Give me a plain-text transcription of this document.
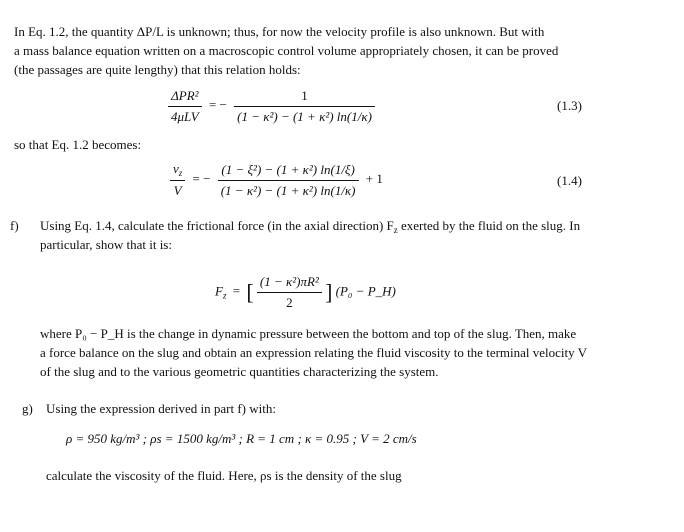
In Eq. 1.2, the quantity ΔP/L is unknown; thus, for now the velocity profile is also unknown. But with
a mass balance equation written on a macroscopic control volume appropriately chosen, it can be proved
(the passages are quite lengthy) that this relation holds:
$\frac{\text{ΔPR²}}{\text{4μLV}}$ = − $\frac{1}{\text{(1 − κ²) − (1 + κ²) ln(1/κ)}}$	(1.3)
so that Eq. 1.2 becomes:
$\frac{v_z}{V}$ = − $\frac{\text{(1 − ξ²) − (1 + κ²) ln(1/ξ)}}{\text{(1 − κ²) − (1 + κ²) ln(1/κ)}} + 1$	(1.4)
f) Using Eq. 1.4, calculate the frictional force (in the axial direction) $F_z$ exerted by the fluid on the slug. In
particular, show that it is:
$F_z$ = [ $\frac{\text{(1 − κ²)πR²}}{2}$ ] (P₀ − P_H)
where P₀ − P_H is the change in dynamic pressure between the bottom and top of the slug. Then, make
a force balance on the slug and obtain an expression relating the fluid viscosity to the terminal velocity V
of the slug and to the various geometric quantities characterizing the system.
g) Using the expression derived in part f) with:
ρ = 950 kg/m³ ; ρs = 1500 kg/m³ ; R = 1 cm ; κ = 0.95 ; V = 2 cm/s
calculate the viscosity of the fluid. Here, ρs is the density of the slug
